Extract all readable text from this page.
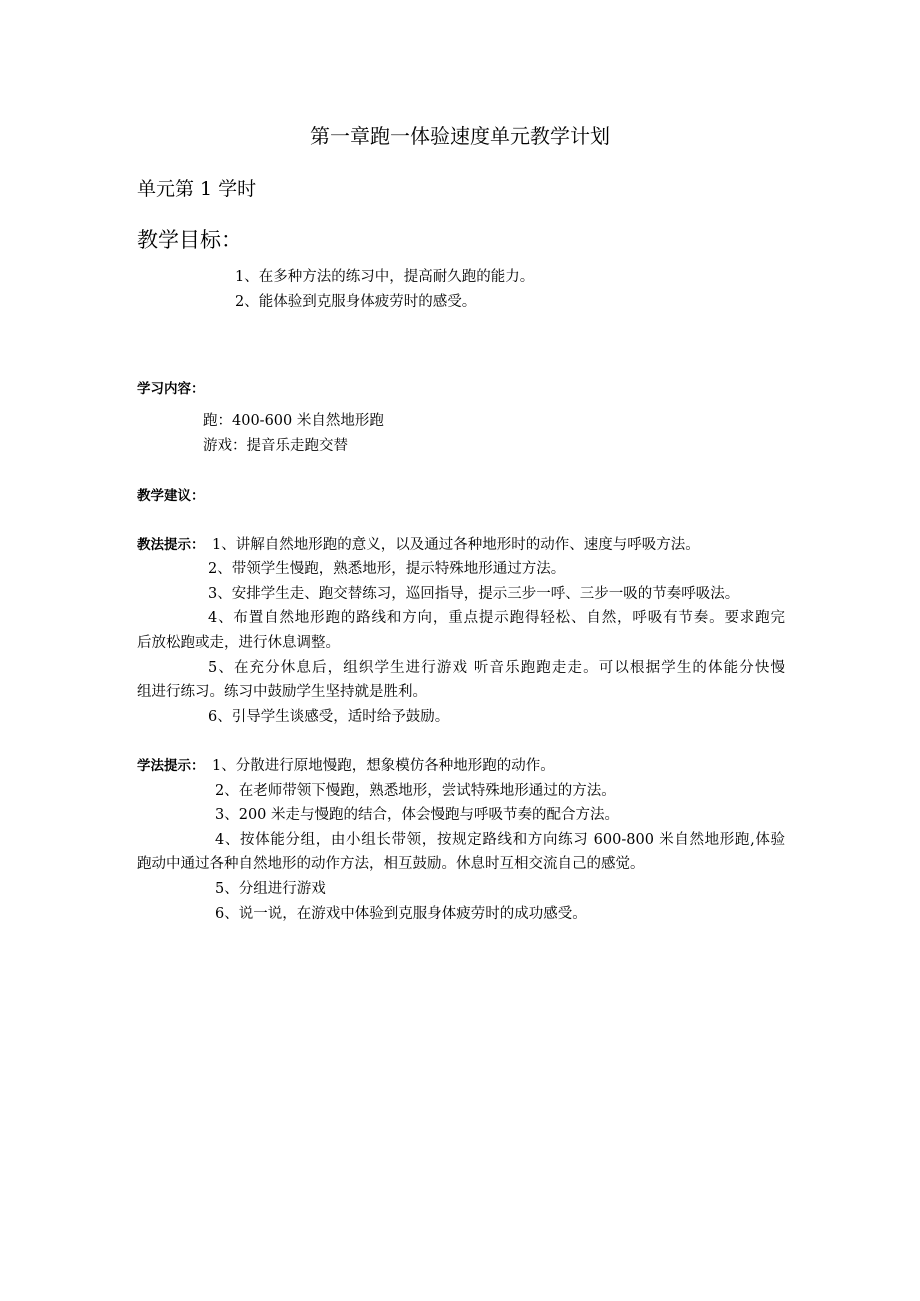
第一章跑一体验速度单元教学计划
单元第 1 学时
教学目标：
1、在多种方法的练习中，提高耐久跑的能力。
2、能体验到克服身体疲劳时的感受。
学习内容：
跑：400-600 米自然地形跑
游戏：提音乐走跑交替
教学建议：
教法提示： 1、讲解自然地形跑的意义，以及通过各种地形时的动作、速度与呼吸方法。
2、带领学生慢跑，熟悉地形，提示特殊地形通过方法。
3、安排学生走、跑交替练习，巡回指导，提示三步一呼、三步一吸的节奏呼吸法。
4、布置自然地形跑的路线和方向，重点提示跑得轻松、自然，呼吸有节奏。要求跑完
后放松跑或走，进行休息调整。
5、在充分休息后，组织学生进行游戏 听音乐跑跑走走。可以根据学生的体能分快慢
组进行练习。练习中鼓励学生坚持就是胜利。
6、引导学生谈感受，适时给予鼓励。
学法提示： 1、分散进行原地慢跑，想象模仿各种地形跑的动作。
2、在老师带领下慢跑，熟悉地形，尝试特殊地形通过的方法。
3、200 米走与慢跑的结合，体会慢跑与呼吸节奏的配合方法。
4、按体能分组，由小组长带领，按规定路线和方向练习 600-800 米自然地形跑,体验
跑动中通过各种自然地形的动作方法，相互鼓励。休息时互相交流自己的感觉。
5、分组进行游戏
6、说一说，在游戏中体验到克服身体疲劳时的成功感受。
